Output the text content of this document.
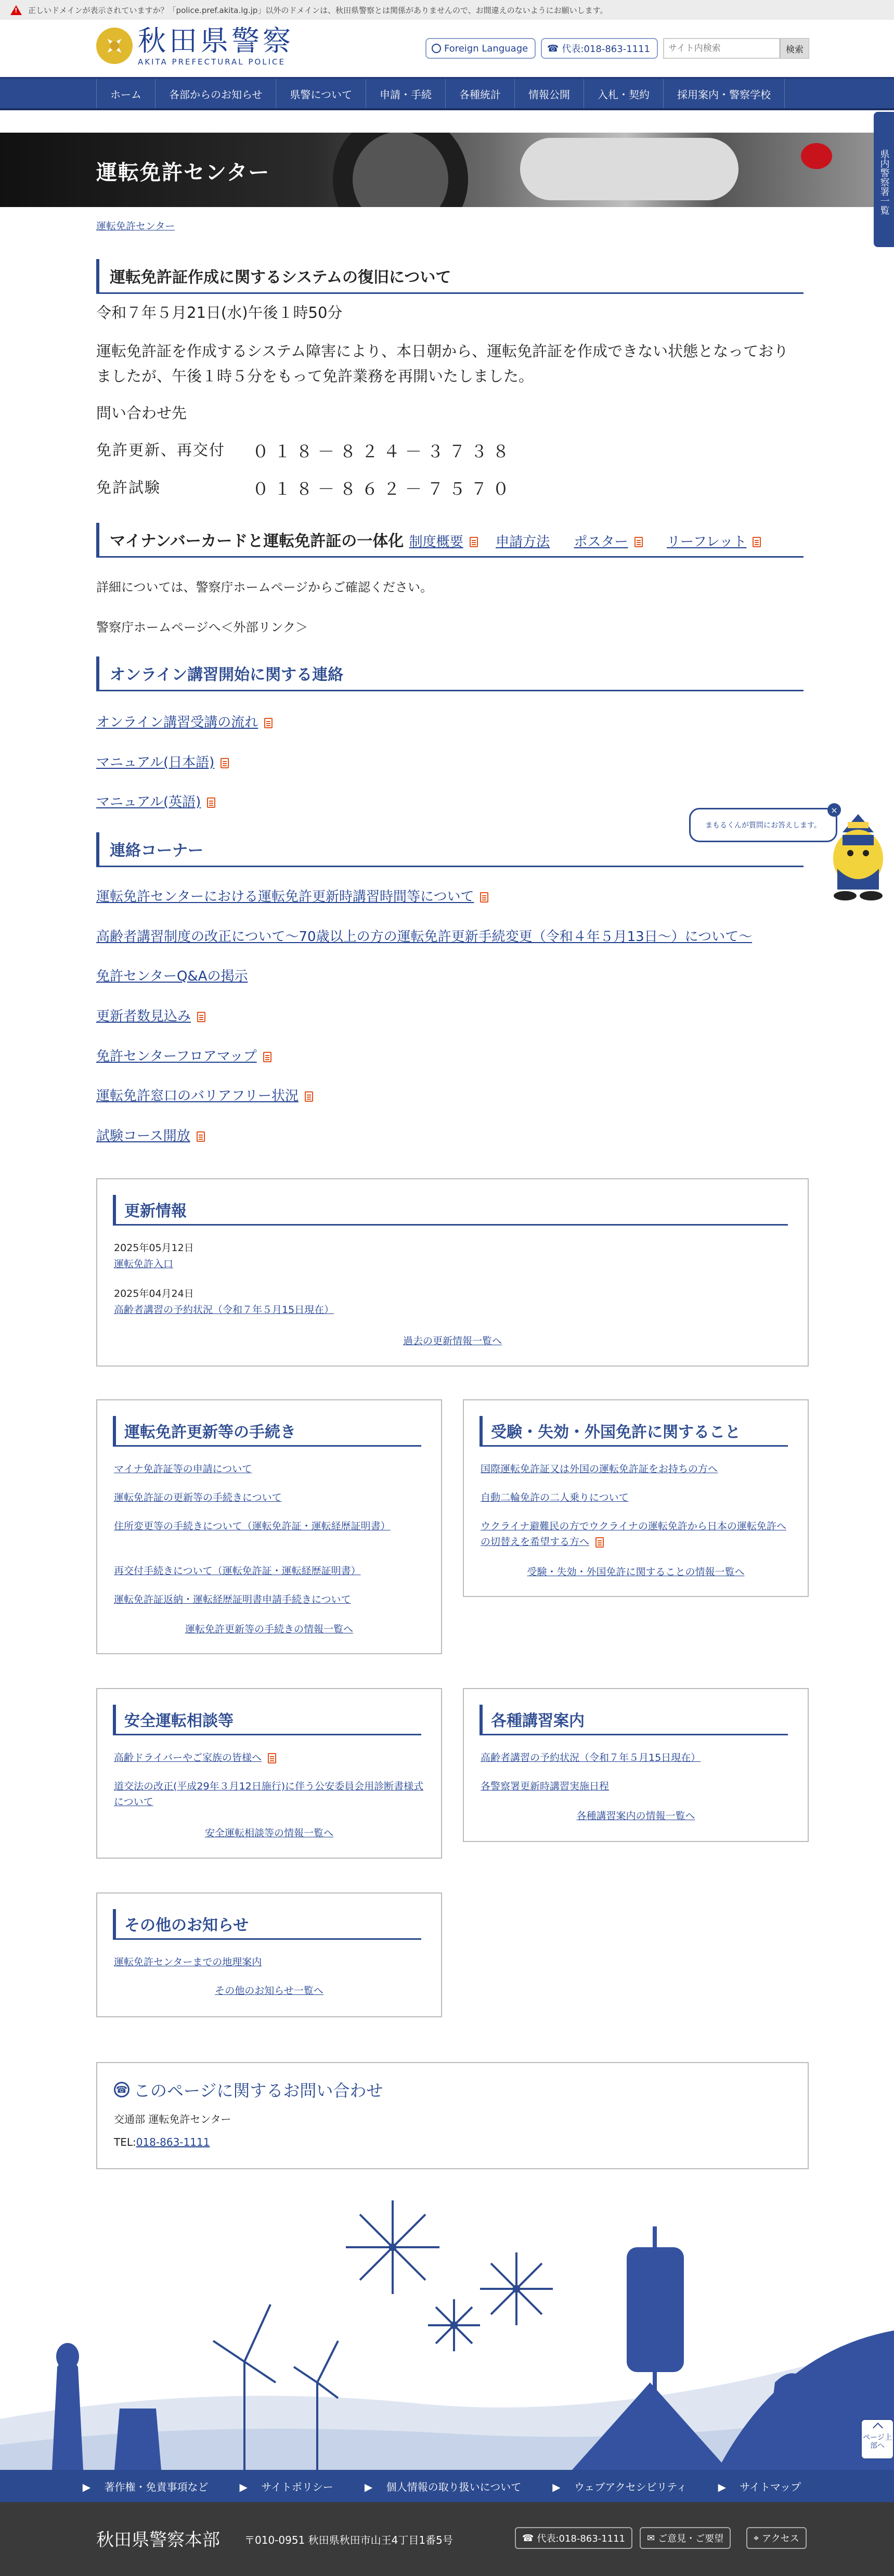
!
正しいドメインが表示されていますか？「police.pref.akita.lg.jp」以外のドメインは、秋田県警察とは関係がありませんので、お間違えのないようにお願いします。
秋田県警察
AKITA PREFECTURAL POLICE
Foreign Language ☎ 代表:018-863-1111
サイト内検索	検索
ホーム	各部からのお知らせ	県警について	申請・手続	各種統計	情報公開	入札・契約	採用案内・警察学校
運転免許センター	県内警察署一覧
運転免許センター
運転免許証作成に関するシステムの復旧について
令和７年５月21日(水)午後１時50分
運転免許証を作成するシステム障害により、本日朝から、運転免許証を作成できない状態となっておりましたが、午後１時５分をもって免許業務を再開いたしました。
問い合わせ先
免許更新、再交付 ０１８－８２４－３７３８
免許試験	０１８－８６２－７５７０
マイナンバーカードと運転免許証の一体化 制度概要 申請方法 ポスター	リーフレット
詳細については、警察庁ホームページからご確認ください。
警察庁ホームページへ＜外部リンク＞
オンライン講習開始に関する連絡
オンライン講習受講の流れ
マニュアル(日本語)
マニュアル(英語)
連絡コーナー
運転免許センターにおける運転免許更新時講習時間等について
高齢者講習制度の改正について〜70歳以上の方の運転免許更新手続変更（令和４年５月13日〜）について〜
免許センターQ&Aの掲示
更新者数見込み
免許センターフロアマップ
運転免許窓口のバリアフリー状況
試験コース開放
まもるくんが質問にお答えします。
×
更新情報
2025年05月12日
運転免許入口
2025年04月24日
高齢者講習の予約状況（令和７年５月15日現在）
過去の更新情報一覧へ
運転免許更新等の手続き
マイナ免許証等の申請について
運転免許証の更新等の手続きについて
住所変更等の手続きについて（運転免許証・運転経歴証明書）
再交付手続きについて（運転免許証・運転経歴証明書）
運転免許証返納・運転経歴証明書申請手続きについて
運転免許更新等の手続きの情報一覧へ
受験・失効・外国免許に関すること
国際運転免許証又は外国の運転免許証をお持ちの方へ
自動二輪免許の二人乗りについて
ウクライナ避難民の方でウクライナの運転免許から日本の運転免許への切替えを希望する方へ
受験・失効・外国免許に関することの情報一覧へ
安全運転相談等
高齢ドライバーやご家族の皆様へ
道交法の改正(平成29年３月12日施行)に伴う公安委員会用診断書様式について
安全運転相談等の情報一覧へ
各種講習案内
高齢者講習の予約状況（令和７年５月15日現在）
各警察署更新時講習実施日程
各種講習案内の情報一覧へ
その他のお知らせ
運転免許センターまでの地理案内
その他のお知らせ一覧へ
☎ このページに関するお問い合わせ
交通部 運転免許センター
TEL:018-863-1111
ページ上部へ
▶ 著作権・免責事項など	▶ サイトポリシー	▶ 個人情報の取り扱いについて	▶ ウェブアクセシビリティ	▶ サイトマップ
秋田県警察本部 〒010-0951 秋田県秋田市山王4丁目1番5号	☎ 代表:018-863-1111 ✉ ご意見・ご要望	⌖ アクセス
